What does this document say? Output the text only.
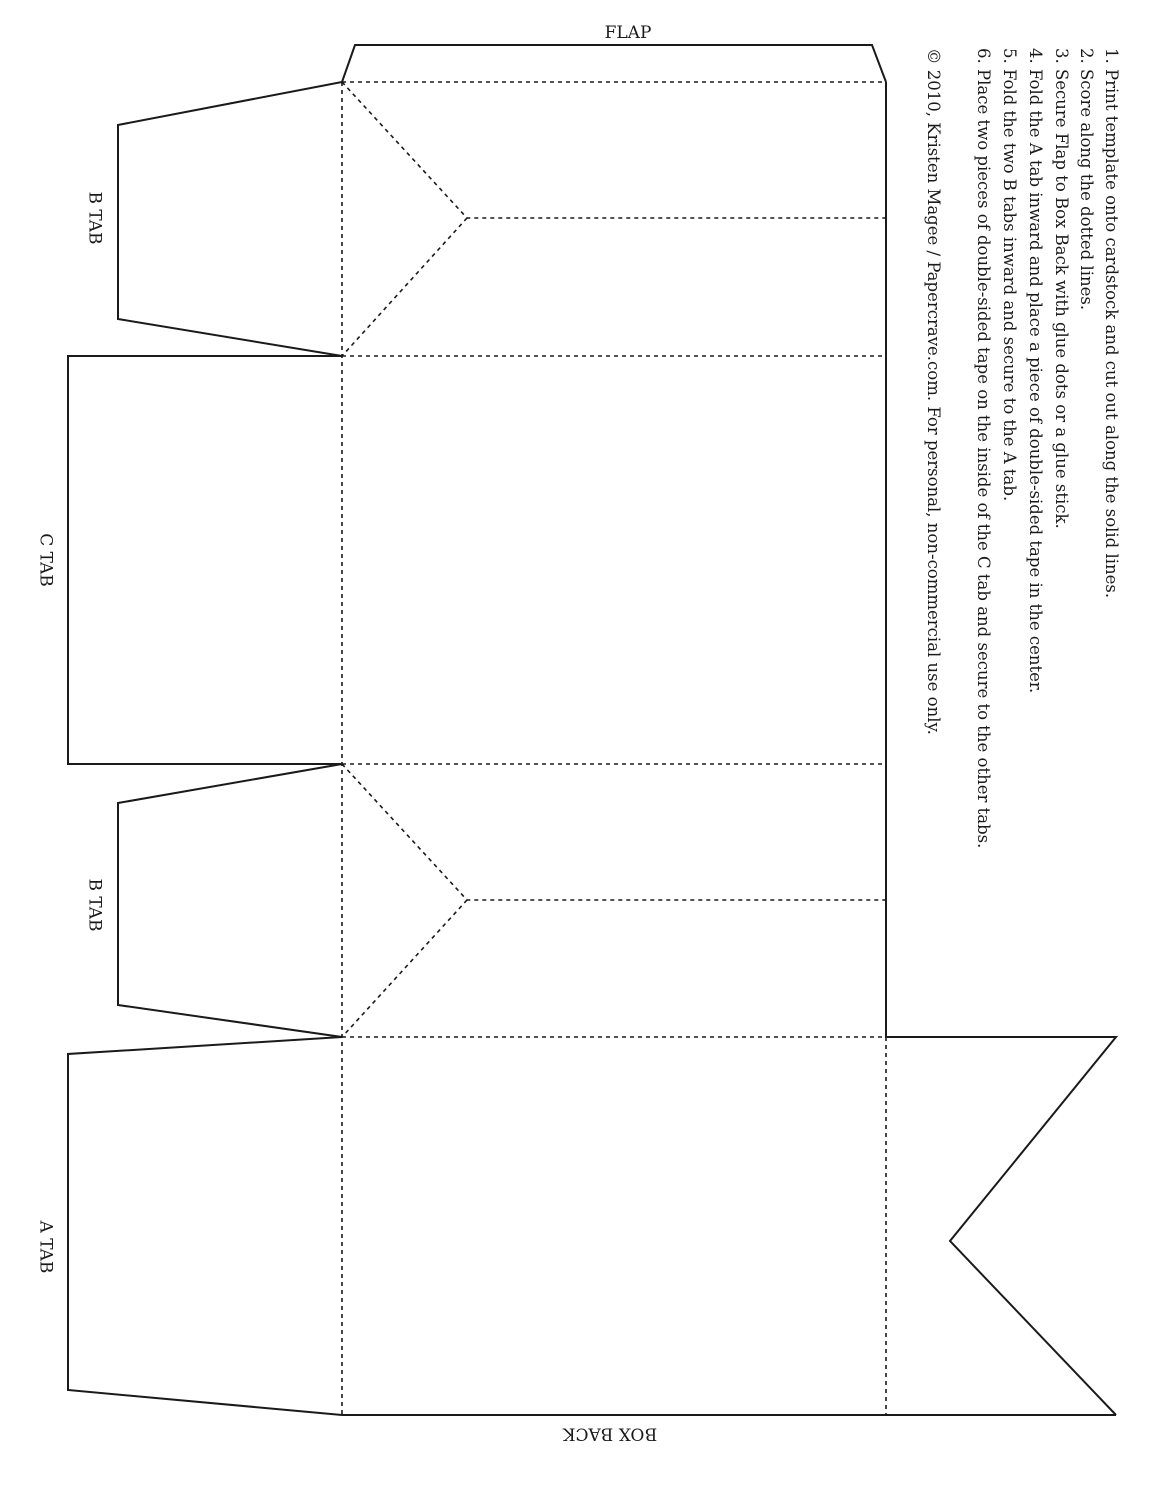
FLAP
B TAB
C TAB
B TAB
A TAB
BOX BACK
1. Print template onto cardstock and cut out along the solid lines.
2. Score along the dotted lines.
3. Secure Flap to Box Back with glue dots or a glue stick.
4. Fold the A tab inward and place a piece of double-sided tape in the center.
5. Fold the two B tabs inward and secure to the A tab.
6. Place two pieces of double-sided tape on the inside of the C tab and secure to the other tabs.
© 2010, Kristen Magee / Papercrave.com. For personal, non-commercial use only.
